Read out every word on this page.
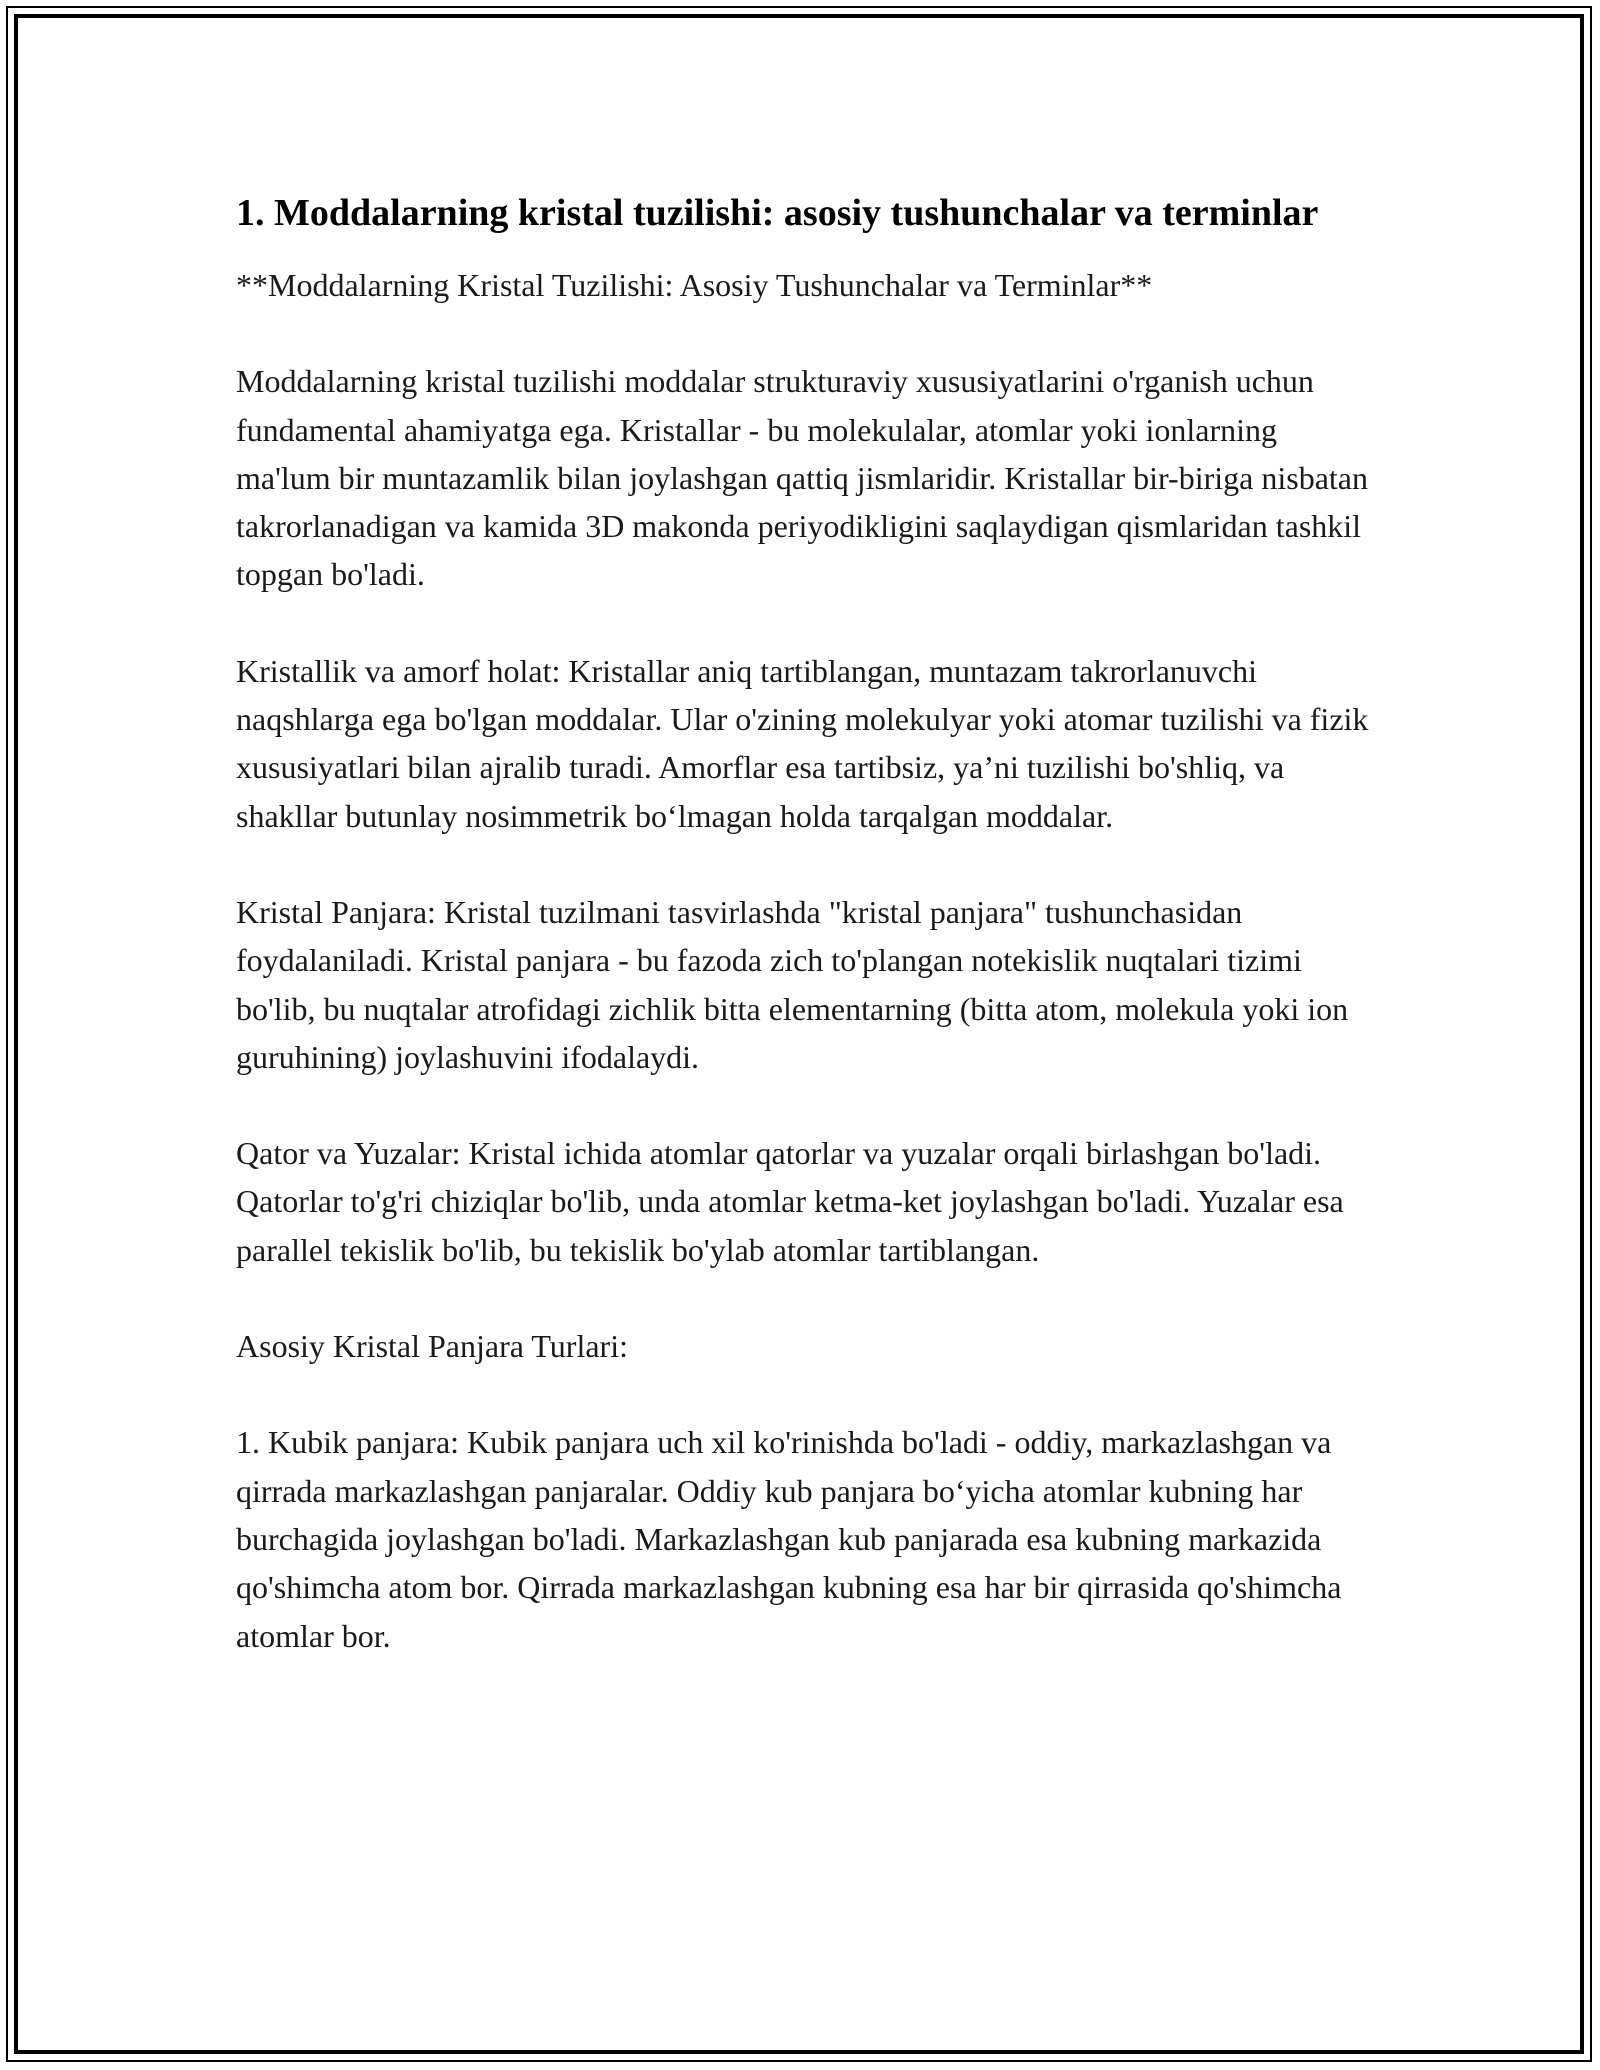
1. Moddalarning kristal tuzilishi: asosiy tushunchalar va terminlar

**Moddalarning Kristal Tuzilishi: Asosiy Tushunchalar va Terminlar**

Moddalarning kristal tuzilishi moddalar strukturaviy xususiyatlarini o'rganish uchun fundamental ahamiyatga ega. Kristallar - bu molekulalar, atomlar yoki ionlarning ma'lum bir muntazamlik bilan joylashgan qattiq jismlaridir. Kristallar bir-biriga nisbatan takrorlanadigan va kamida 3D makonda periyodikligini saqlaydigan qismlaridan tashkil topgan bo'ladi.

Kristallik va amorf holat: Kristallar aniq tartiblangan, muntazam takrorlanuvchi naqshlarga ega bo'lgan moddalar. Ular o'zining molekulyar yoki atomar tuzilishi va fizik xususiyatlari bilan ajralib turadi. Amorflar esa tartibsiz, ya’ni tuzilishi bo'shliq, va shakllar butunlay nosimmetrik bo‘lmagan holda tarqalgan moddalar.

Kristal Panjara: Kristal tuzilmani tasvirlashda "kristal panjara" tushunchasidan foydalaniladi. Kristal panjara - bu fazoda zich to'plangan notekislik nuqtalari tizimi bo'lib, bu nuqtalar atrofidagi zichlik bitta elementarning (bitta atom, molekula yoki ion guruhining) joylashuvini ifodalaydi.

Qator va Yuzalar: Kristal ichida atomlar qatorlar va yuzalar orqali birlashgan bo'ladi. Qatorlar to'g'ri chiziqlar bo'lib, unda atomlar ketma-ket joylashgan bo'ladi. Yuzalar esa parallel tekislik bo'lib, bu tekislik bo'ylab atomlar tartiblangan.

Asosiy Kristal Panjara Turlari:

1. Kubik panjara: Kubik panjara uch xil ko'rinishda bo'ladi - oddiy, markazlashgan va qirrada markazlashgan panjaralar. Oddiy kub panjara bo‘yicha atomlar kubning har burchagida joylashgan bo'ladi. Markazlashgan kub panjarada esa kubning markazida qo'shimcha atom bor. Qirrada markazlashgan kubning esa har bir qirrasida qo'shimcha atomlar bor.
